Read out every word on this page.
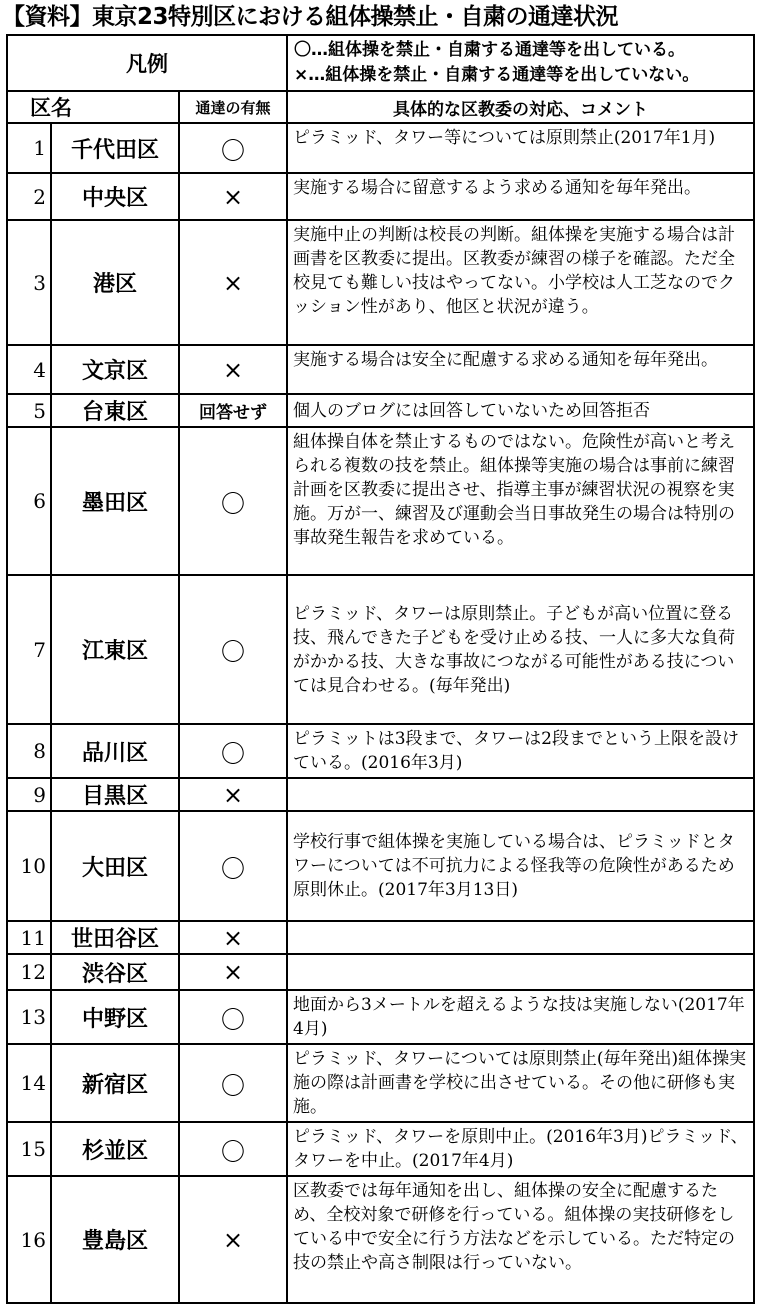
【資料】東京23特別区における組体操禁止・自粛の通達状況
凡例			〇…組体操を禁止・自粛する通達等を出している。
×…組体操を禁止・自粛する通達等を出していない。

区名		通達の有無	具体的な区教委の対応、コメント
1	千代田区	〇	ピラミッド、タワー等については原則禁止(2017年1月)
2	中央区	×	実施する場合に留意するよう求める通知を毎年発出。
3	港区	×	実施中止の判断は校長の判断。組体操を実施する場合は計画書を区教委に提出。区教委が練習の様子を確認。ただ全校見ても難しい技はやってない。小学校は人工芝なのでクッション性があり、他区と状況が違う。
4	文京区	×	実施する場合は安全に配慮する求める通知を毎年発出。
5	台東区	回答せず	個人のブログには回答していないため回答拒否
6	墨田区	〇	組体操自体を禁止するものではない。危険性が高いと考えられる複数の技を禁止。組体操等実施の場合は事前に練習計画を区教委に提出させ、指導主事が練習状況の視察を実施。万が一、練習及び運動会当日事故発生の場合は特別の事故発生報告を求めている。
7	江東区	〇	ピラミッド、タワーは原則禁止。子どもが高い位置に登る技、飛んできた子どもを受け止める技、一人に多大な負荷がかかる技、大きな事故につながる可能性がある技については見合わせる。(毎年発出)
8	品川区	〇	ピラミットは3段まで、タワーは2段までという上限を設けている。(2016年3月)
9	目黒区	×	
10	大田区	〇	学校行事で組体操を実施している場合は、ピラミッドとタワーについては不可抗力による怪我等の危険性があるため原則休止。(2017年3月13日)
11	世田谷区	×	
12	渋谷区	×	
13	中野区	〇	地面から3メートルを超えるような技は実施しない(2017年4月)
14	新宿区	〇	ピラミッド、タワーについては原則禁止(毎年発出)組体操実施の際は計画書を学校に出させている。その他に研修も実施。
15	杉並区	〇	ピラミッド、タワーを原則中止。(2016年3月)ピラミッド、タワーを中止。(2017年4月)
16	豊島区	×	区教委では毎年通知を出し、組体操の安全に配慮するため、全校対象で研修を行っている。組体操の実技研修をしている中で安全に行う方法などを示している。ただ特定の技の禁止や高さ制限は行っていない。
